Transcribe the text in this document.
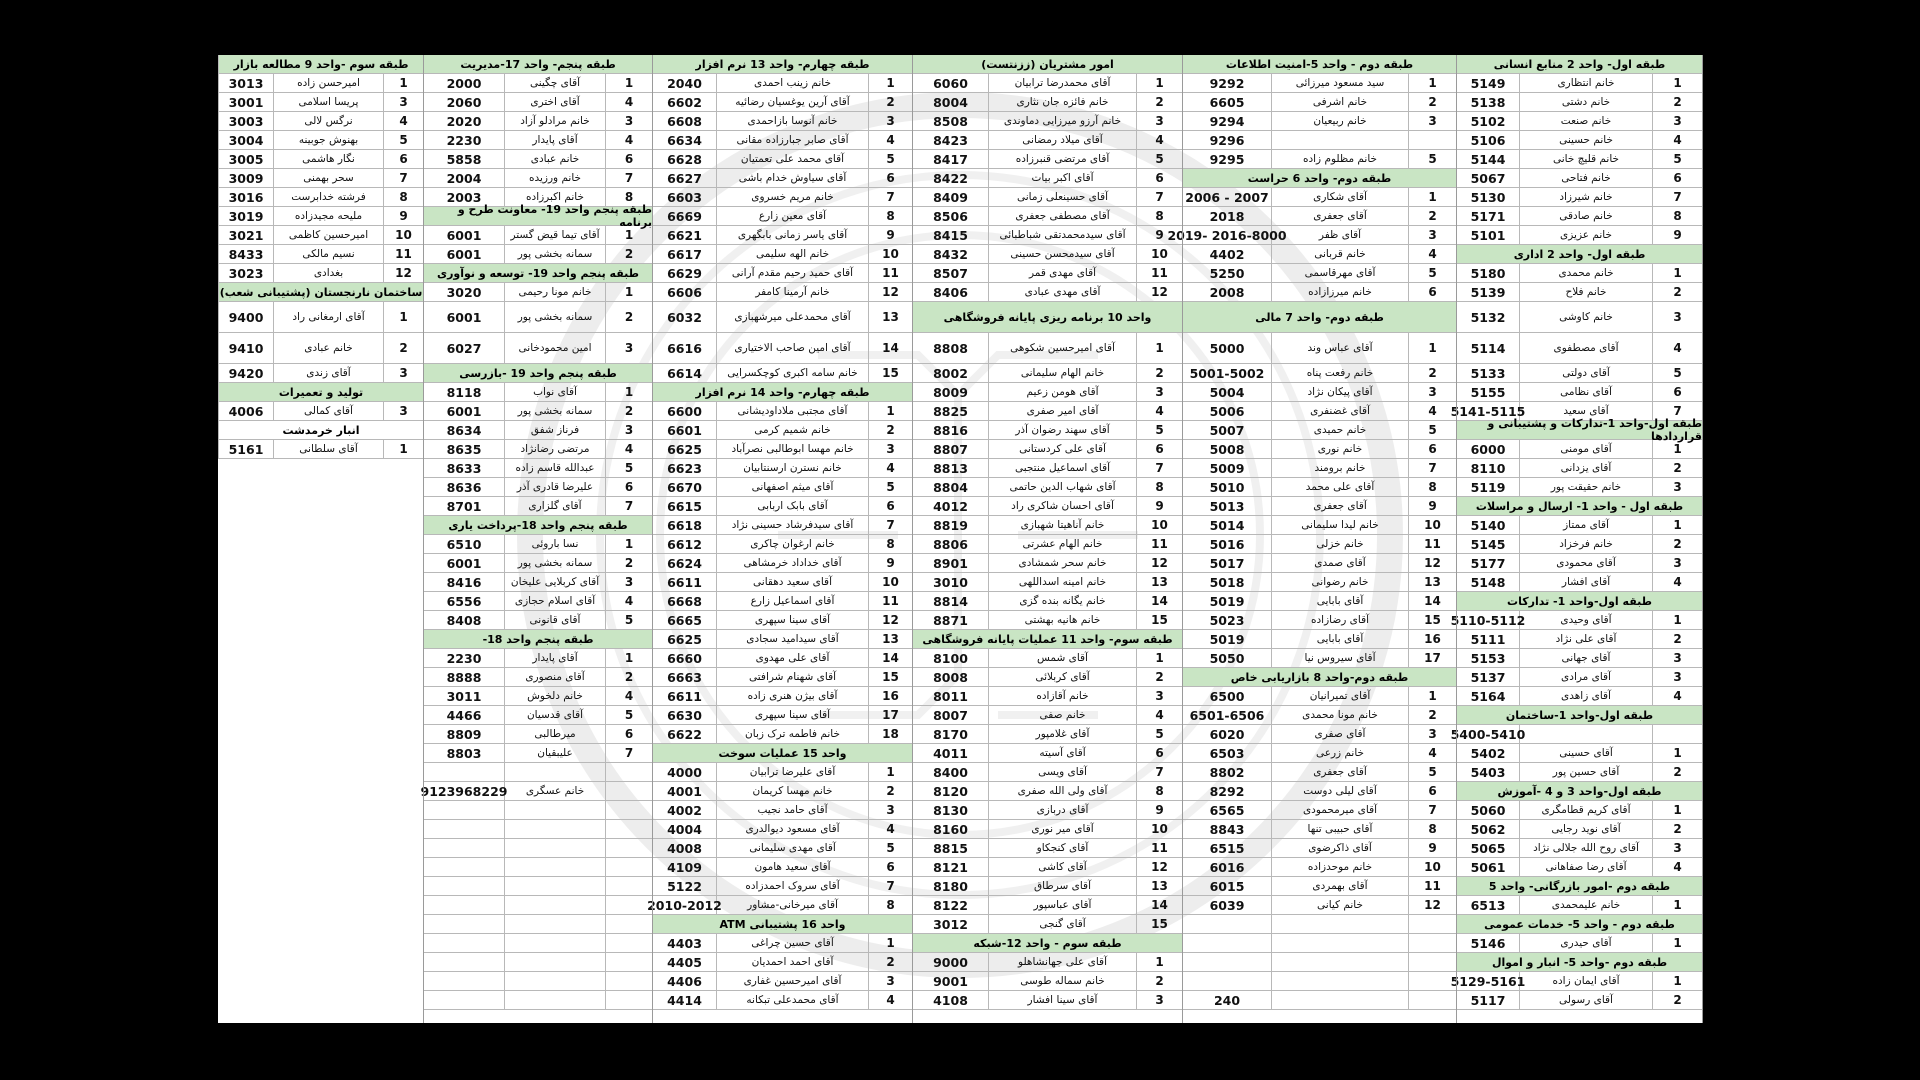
طبقه اول- واحد 2 منابع انسانی
1
خانم انتظاری
5149
2
خانم دشتی
5138
3
خانم صنعت
5102
4
خانم حسینی
5106
5
خانم قلیچ خانی
5144
6
خانم فتاحی
5067
7
خانم شیرزاد
5130
8
خانم صادقی
5171
9
خانم عزیزی
5101
طبقه اول- واحد 2 اداری
1
خانم محمدی
5180
2
خانم فلاح
5139
3
خانم کاوشی
5132
4
آقای مصطفوی
5114
5
آقای دولتی
5133
6
آقای نظامی
5155
7
آقای سعید
5141-5115
طبقه اول-واحد 1-تدارکات و پشتیبانی و قراردادها
1
آقای مومنی
6000
2
آقای یزدانی
8110
3
خانم حقیقت پور
5119
طبقه اول - واحد 1- ارسال و مراسلات
1
آقای ممتاز
5140
2
خانم فرخزاد
5145
3
آقای محمودی
5177
4
آقای افشار
5148
طبقه اول-واحد 1- تدارکات
1
آقای وحیدی
5110-5112
2
آقای علی نژاد
5111
3
آقای جهانی
5153
3
آقای مرادی
5137
4
آقای زاهدی
5164
طبقه اول-واحد 1-ساختمان
5400-5410
1
آقای حسینی
5402
2
آقای حسین پور
5403
طبقه اول-واحد 3 و 4 -آموزش
1
آقای کریم قطامگری
5060
2
آقای نوید رجایی
5062
3
آقای روح الله جلالی نژاد
5065
4
آقای رضا صفاهانی
5061
طبقه دوم -امور بازرگانی- واحد 5
1
خانم علیمحمدی
6513
طبقه دوم - واحد 5- خدمات عمومی
1
آقای حیدری
5146
طبقه دوم -واحد 5- انبار و اموال
1
آقای ایمان زاده
5129-5161
2
آقای رسولی
5117
طبقه دوم - واحد 5-امنیت اطلاعات
1
سید مسعود میرزائی
9292
2
خانم اشرفی
6605
3
خانم ربیعیان
9294
9296
5
خانم مظلوم زاده
9295
طبقه دوم- واحد 6 حراست
1
آقای شکاری
2007 - 2006
2
آقای جعفری
2018
3
آقای ظفر
2016-8000 -2019
4
خانم قربانی
4402
5
آقای مهرقاسمی
5250
6
خانم میرزازاده
2008
طبقه دوم- واحد 7 مالی
1
آقای عباس وند
5000
2
خانم رفعت پناه
5001-5002
3
آقای پیکان نژاد
5004
4
آقای غضنفری
5006
5
خانم حمیدی
5007
6
خانم نوری
5008
7
خانم برومند
5009
8
آقای علی محمد
5010
9
آقای جعفری
5013
10
خانم لیدا سلیمانی
5014
11
خانم خزلی
5016
12
آقای صمدی
5017
13
خانم رضوانی
5018
14
آقای بابایی
5019
15
آقای رضازاده
5023
16
آقای بابایی
5019
17
آقای سیروس نیا
5050
طبقه دوم-واحد 8 بازاریابی خاص
1
آقای تمیرانیان
6500
2
خانم مونا محمدی
6501-6506
3
آقای صفری
6020
4
خانم زرعی
6503
5
آقای جعفری
8802
6
آقای لیلی دوست
8292
7
آقای میرمحمودی
6565
8
آقای حبیبی تنها
8843
9
آقای ذاکرضوی
6515
10
خانم موحدزاده
6016
11
آقای بهمردی
6015
12
خانم کیانی
6039
240
امور مشتریان (ززنتست)
1
آقای محمدرضا ترابیان
6060
2
خانم فائزه جان نثاری
8004
3
خانم آرزو میرزایی دماوندی
8508
4
آقای میلاد رمضانی
8423
5
آقای مرتضی قنبرزاده
8417
6
آقای اکبر بیات
8422
7
آقای حسینعلی زمانی
8409
8
آقای مصطفی جعفری
8506
9
آقای سیدمحمدتقی شباطبائی
8415
10
آقای سیدمحسن حسینی
8432
11
آقای مهدی قمر
8507
12
آقای مهدی عبادی
8406
واحد 10 برنامه ریزی پایانه فروشگاهی
1
آقای امیرحسین شکوهی
8808
2
خانم الهام سلیمانی
8002
3
آقای هومن زعیم
8009
4
آقای امیر صفری
8825
5
آقای سهند رضوان آذر
8816
6
آقای علی کردستانی
8807
7
آقای اسماعیل منتجبی
8813
8
آقای شهاب الدین حاتمی
8804
9
آقای احسان شاکری راد
4012
10
خانم آناهیتا شهبازی
8819
11
خانم الهام عشرتی
8806
12
خانم سحر شمشادی
8901
13
خانم امینه اسداللهی
3010
14
خانم یگانه بنده گزی
8814
15
خانم هانیه بهشتی
8871
طبقه سوم- واحد 11 عملیات پایانه فروشگاهی
1
آقای شمس
8100
2
آقای کربلائی
8008
3
خانم آقازاده
8011
4
خانم صفی
8007
5
آقای غلامپور
8170
6
آقای آسیته
4011
7
آقای ویسی
8400
8
آقای ولی الله صفری
8120
9
آقای دربازی
8130
10
آقای میر نوری
8160
11
آقای کنجکاو
8815
12
آقای کاشی
8121
13
آقای سرطاق
8180
14
آقای عباسپور
8122
15
آقای گنجی
3012
طبقه سوم - واحد 12-شبکه
1
آقای علی جهانشاهلو
9000
2
خانم سماله طوسی
9001
3
آقای سینا افشار
4108
طبقه چهارم- واحد 13 نرم افزار
1
خانم زینب احمدی
2040
2
آقای آرین یوغسیان رضائیه
6602
3
خانم آنوسا بازاحمدی
6608
4
آقای صابر جبارزاده مقانی
6634
5
آقای محمد علی تعمتیان
6628
6
آقای سیاوش خدام باشی
6627
7
خانم مریم خسروی
6603
8
آقای معین زارع
6669
9
آقای یاسر زمانی بابگهری
6621
10
خانم الهه سلیمی
6617
11
آقای حمید رحیم مقدم آرانی
6629
12
خانم آرمینا کامفر
6606
13
آقای محمدعلی میرشهبازی
6032
14
آقای امین صاحب الاختیاری
6616
15
خانم سامه اکبری کوچکسرایی
6614
طبقه چهارم- واحد 14 نرم افزار
1
آقای مجتبی ملاداودیشانی
6600
2
خانم شمیم کرمی
6601
3
خانم مهسا ابوطالبی نصرآباد
6625
4
خانم نسترن ارسنتابیان
6623
5
آقای میثم اصفهانی
6670
6
آقای بابک اربابی
6615
7
آقای سیدفرشاد حسینی نژاد
6618
8
خانم ارغوان چاکری
6612
9
آقای خداداد خرمشاهی
6624
10
آقای سعید دهقانی
6611
11
آقای اسماعیل زارع
6668
12
آقای سینا سپهری
6665
13
آقای سیدامید سجادی
6625
14
آقای علی مهدوی
6660
15
آقای شهنام شرافتی
6663
16
آقای بیژن هنری زاده
6611
17
آقای سینا سپهری
6630
18
خانم فاطمه ترک زبان
6622
واحد 15 عملیات سوخت
1
آقای علیرضا ترابیان
4000
2
خانم مهسا کریمان
4001
3
آقای حامد نجیب
4002
4
آقای مسعود دیوالدری
4004
5
آقای مهدی سلیمانی
4008
6
آقای سعید هامون
4109
7
آقای سروک احمدزاده
5122
8
آقای میرخانی-مشاور
2010-2012
واحد 16 پشتیبانی ATM
1
آقای حسین چراغی
4403
2
آقای احمد احمدیان
4405
3
آقای امیرحسین غفاری
4406
4
آقای محمدعلی تبکانه
4414
طبقه پنجم- واحد 17-مدیریت
1
آقای چگینی
2000
4
آقای اختری
2060
3
خانم مرادلو آزاد
2020
4
آقای پایدار
2230
6
خانم عبادی
5858
7
خانم ورزیده
2004
8
خانم اکبرزاده
2003
طبقه پنجم واحد 19- معاونت طرح و برنامه
1
آقای تیما قیض گستر
6001
2
سمانه بخشی پور
6001
طبقه پنجم واحد 19- توسعه و نوآوری
1
خانم مونا رحیمی
3020
2
سمانه بخشی پور
6001
3
امین محمودخانی
6027
طبقه پنجم واحد 19 -بازرسی
1
آقای نواب
8118
2
سمانه بخشی پور
6001
3
فرناز شفق
8634
4
مرتضی رضانژاد
8635
5
عبدالله قاسم زاده
8633
6
علیرضا قادری آذر
8636
7
آقای گلزاری
8701
طبقه پنجم واحد 18-پرداخت یاری
1
نسا باروئی
6510
2
سمانه بخشی پور
6001
3
آقای کربلایی علیخان
8416
4
آقای اسلام حجازی
6556
5
آقای قانونی
8408
طبقه پنجم واحد 18-
1
آقای پایدار
2230
2
آقای منصوری
8888
4
خانم دلخوش
3011
5
آقای قدسیان
4466
6
میرطالبی
8809
7
علیبقیان
8803
خانم عسگری
9123968229
طبقه سوم -واحد 9 مطالعه بازار
1
امیرحسن زاده
3013
3
پریسا اسلامی
3001
4
نرگس لالی
3003
5
بهنوش جوبینه
3004
6
نگار هاشمی
3005
7
سحر بهمنی
3009
8
فرشته خدابرست
3016
9
ملیحه مجیدزاده
3019
10
امیرحسین کاظمی
3021
11
نسیم مالکی
8433
12
بغدادی
3023
ساختمان نارنجستان (پشتیبانی شعب)
1
آقای ارمغانی راد
9400
2
خانم عبادی
9410
3
آقای زندی
9420
تولید و تعمیرات
3
آقای کمالی
4006
انبار خرمدشت
1
آقای سلطانی
5161
